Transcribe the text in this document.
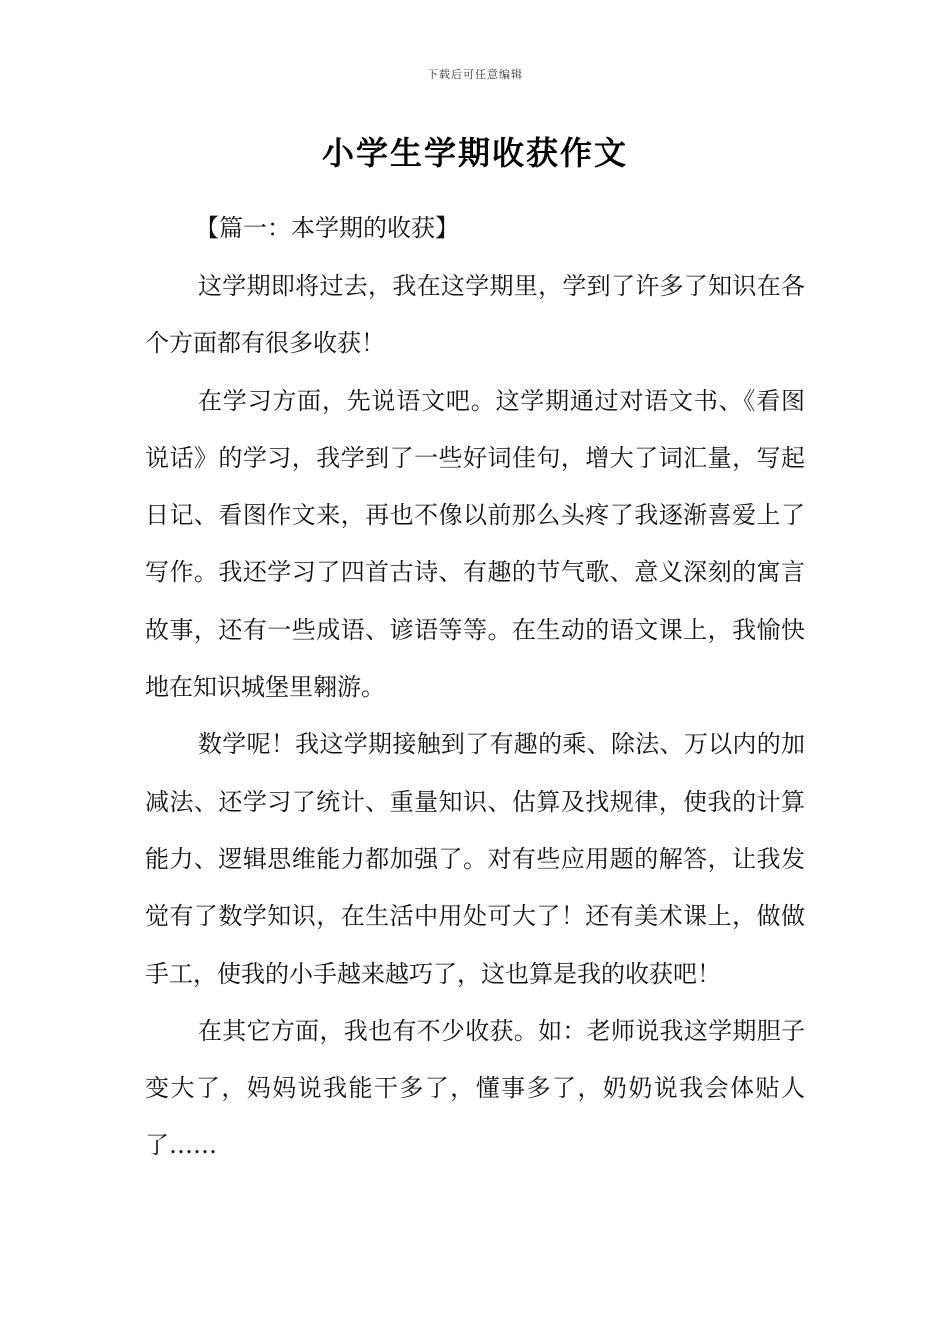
下载后可任意编辑
小学生学期收获作文
【篇一：本学期的收获】

这学期即将过去，我在这学期里，学到了许多了知识在各个方面都有很多收获！

在学习方面，先说语文吧。这学期通过对语文书、《看图说话》的学习，我学到了一些好词佳句，增大了词汇量，写起日记、看图作文来，再也不像以前那么头疼了我逐渐喜爱上了写作。我还学习了四首古诗、有趣的节气歌、意义深刻的寓言故事，还有一些成语、谚语等等。在生动的语文课上，我愉快地在知识城堡里翱游。

数学呢！我这学期接触到了有趣的乘、除法、万以内的加减法、还学习了统计、重量知识、估算及找规律，使我的计算能力、逻辑思维能力都加强了。对有些应用题的解答，让我发觉有了数学知识，在生活中用处可大了！还有美术课上，做做手工，使我的小手越来越巧了，这也算是我的收获吧！

在其它方面，我也有不少收获。如：老师说我这学期胆子变大了，妈妈说我能干多了，懂事多了，奶奶说我会体贴人了……
